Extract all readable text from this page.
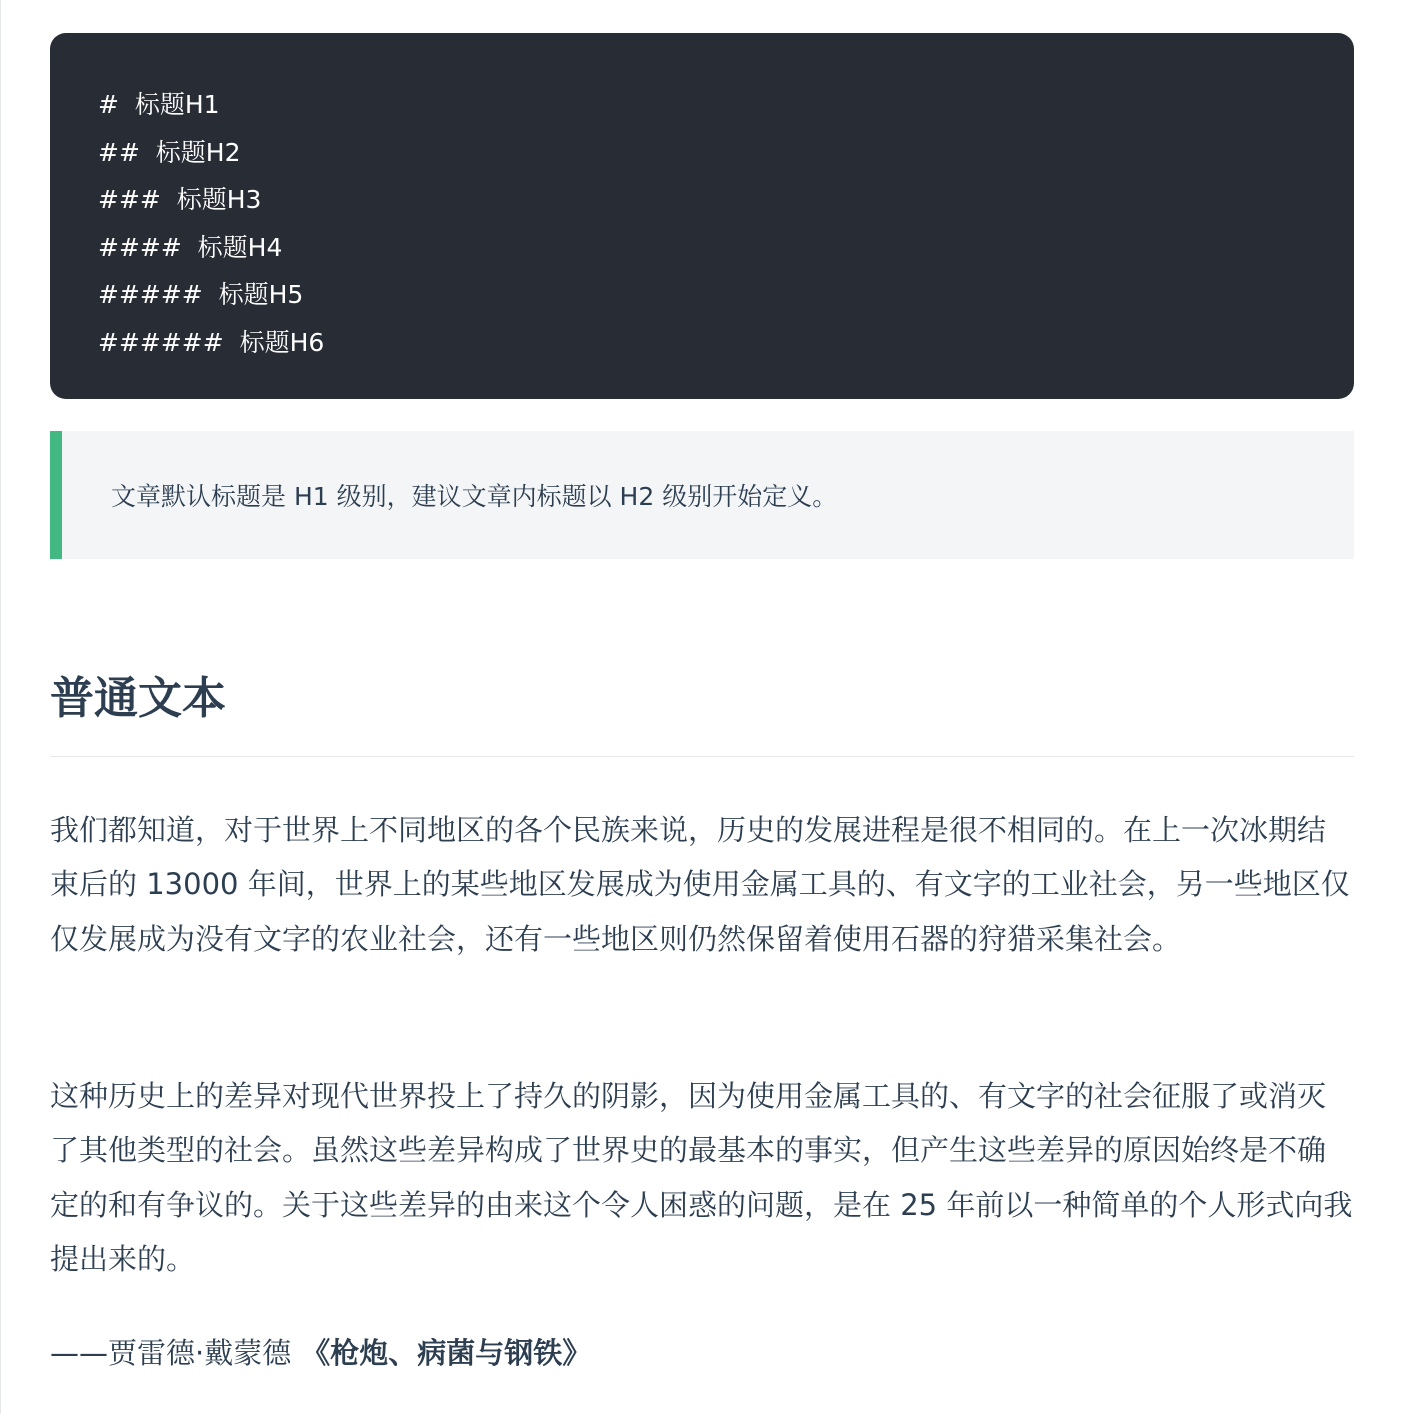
#  标题H1
##  标题H2
###  标题H3
####  标题H4
#####  标题H5
######  标题H6
文章默认标题是 H1 级别，建议文章内标题以 H2 级别开始定义。
普通文本

我们都知道，对于世界上不同地区的各个民族来说，历史的发展进程是很不相同的。在上一次冰期结束后的 13000 年间，世界上的某些地区发展成为使用金属工具的、有文字的工业社会，另一些地区仅仅发展成为没有文字的农业社会，还有一些地区则仍然保留着使用石器的狩猎采集社会。

这种历史上的差异对现代世界投上了持久的阴影，因为使用金属工具的、有文字的社会征服了或消灭了其他类型的社会。虽然这些差异构成了世界史的最基本的事实，但产生这些差异的原因始终是不确定的和有争议的。关于这些差异的由来这个令人困惑的问题，是在 25 年前以一种简单的个人形式向我提出来的。

——贾雷德·戴蒙德 《枪炮、病菌与钢铁》
